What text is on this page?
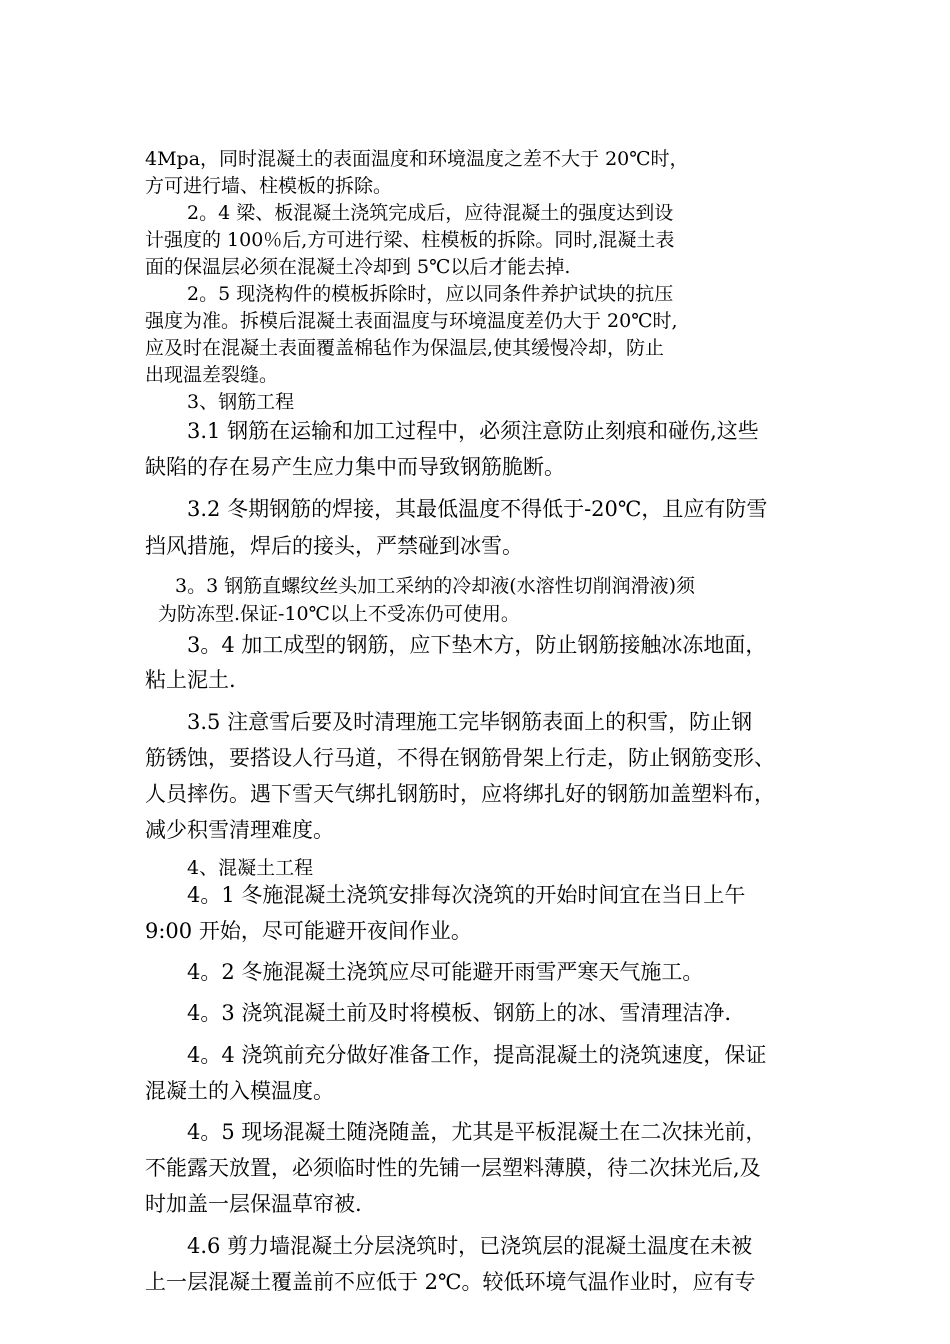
4Mpa，同时混凝土的表面温度和环境温度之差不大于 20℃时，
方可进行墙、柱模板的拆除。
2。4 梁、板混凝土浇筑完成后，应待混凝土的强度达到设
计强度的 100％后,方可进行梁、柱模板的拆除。同时,混凝土表
面的保温层必须在混凝土冷却到 5℃以后才能去掉.
2。5 现浇构件的模板拆除时，应以同条件养护试块的抗压
强度为准。拆模后混凝土表面温度与环境温度差仍大于 20℃时,
应及时在混凝土表面覆盖棉毡作为保温层,使其缓慢冷却，防止
出现温差裂缝。
3、钢筋工程
3.1 钢筋在运输和加工过程中，必须注意防止刻痕和碰伤,这些
缺陷的存在易产生应力集中而导致钢筋脆断。
3.2 冬期钢筋的焊接，其最低温度不得低于-20℃，且应有防雪
挡风措施，焊后的接头，严禁碰到冰雪。
3。3 钢筋直螺纹丝头加工采纳的冷却液(水溶性切削润滑液)须
为防冻型.保证-10℃以上不受冻仍可使用。
3。4 加工成型的钢筋，应下垫木方，防止钢筋接触冰冻地面，
粘上泥土.
3.5 注意雪后要及时清理施工完毕钢筋表面上的积雪，防止钢
筋锈蚀，要搭设人行马道，不得在钢筋骨架上行走，防止钢筋变形、
人员摔伤。遇下雪天气绑扎钢筋时，应将绑扎好的钢筋加盖塑料布，
减少积雪清理难度。
4、混凝土工程
4。1 冬施混凝土浇筑安排每次浇筑的开始时间宜在当日上午
9:00 开始，尽可能避开夜间作业。
4。2 冬施混凝土浇筑应尽可能避开雨雪严寒天气施工。
4。3 浇筑混凝土前及时将模板、钢筋上的冰、雪清理洁净.
4。4 浇筑前充分做好准备工作，提高混凝土的浇筑速度，保证
混凝土的入模温度。
4。5 现场混凝土随浇随盖，尤其是平板混凝土在二次抹光前，
不能露天放置，必须临时性的先铺一层塑料薄膜，待二次抹光后,及
时加盖一层保温草帘被.
4.6 剪力墙混凝土分层浇筑时，已浇筑层的混凝土温度在未被
上一层混凝土覆盖前不应低于 2℃。较低环境气温作业时，应有专
